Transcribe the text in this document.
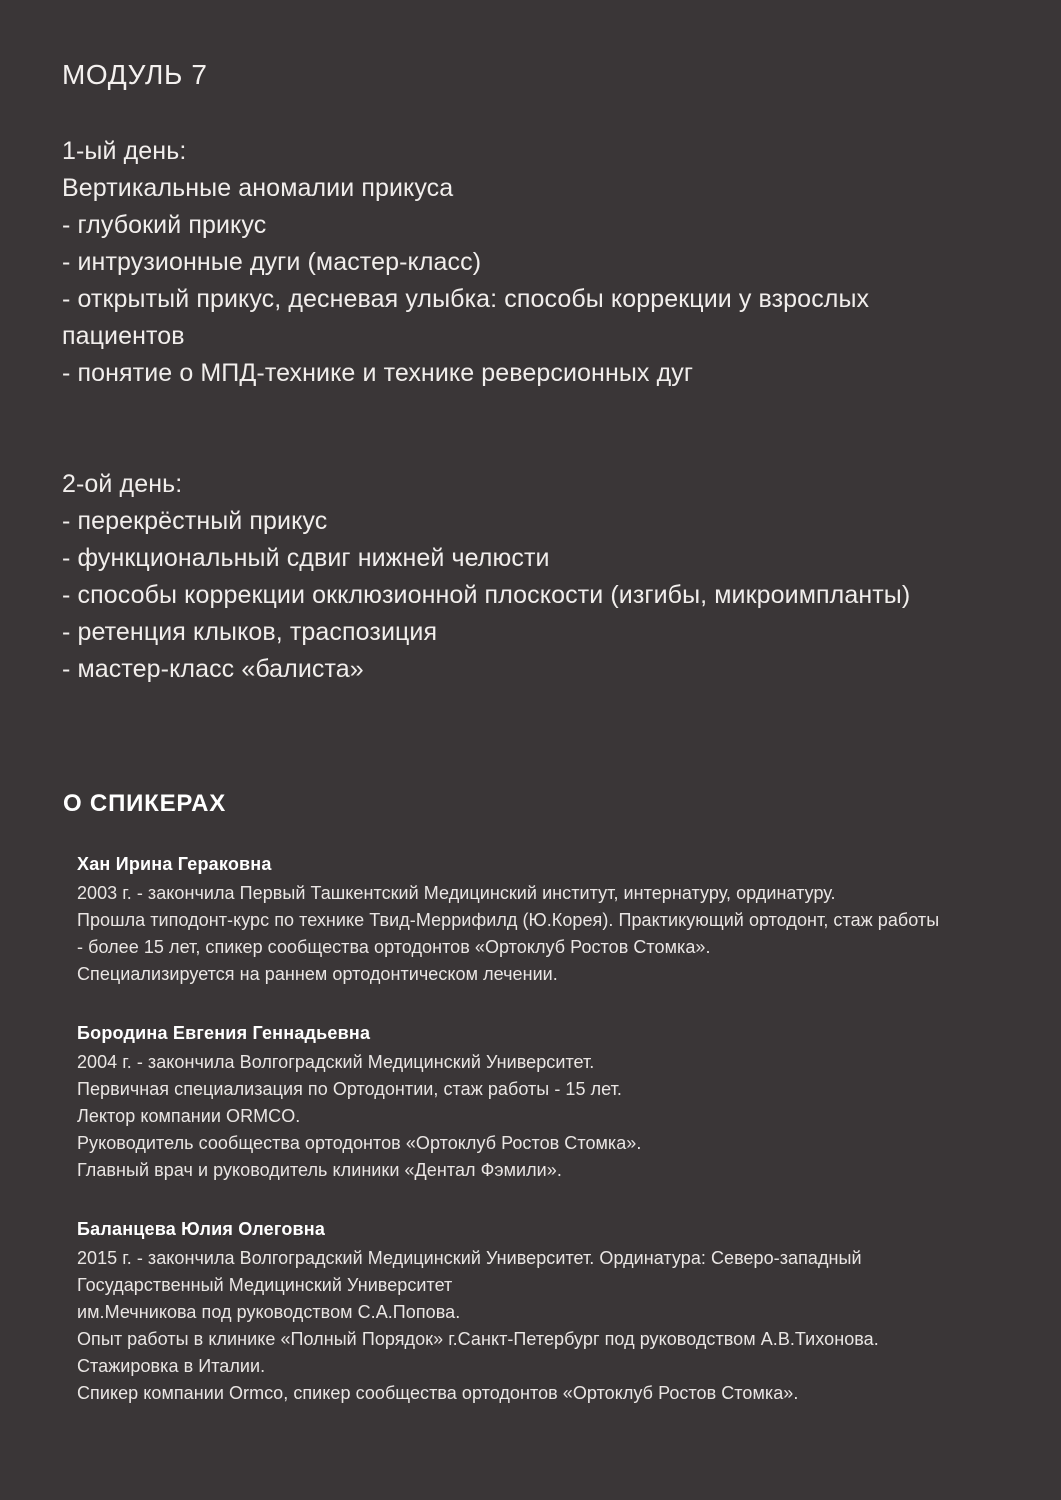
МОДУЛЬ 7

1-ый день:

Вертикальные аномалии прикуса

- глубокий прикус

- интрузионные дуги (мастер-класс)

- открытый прикус, десневая улыбка: способы коррекции у взрослых пациентов

- понятие о МПД-технике и технике реверсионных дуг

2-ой день:

- перекрёстный прикус

- функциональный сдвиг нижней челюсти

- способы коррекции окклюзионной плоскости (изгибы, микроимпланты)

- ретенция клыков, траспозиция

- мастер-класс «балиста»

О СПИКЕРАХ

Хан Ирина Гераковна

2003 г. - закончила Первый Ташкентский Медицинский институт, интернатуру, ординатуру.

Прошла типодонт-курс по технике Твид-Меррифилд (Ю.Корея). Практикующий ортодонт, стаж работы - более 15 лет, спикер сообщества ортодонтов «Ортоклуб Ростов Стомка».

Специализируется на раннем ортодонтическом лечении.

Бородина Евгения Геннадьевна

2004 г. - закончила Волгоградский Медицинский Университет.

Первичная специализация по Ортодонтии, стаж работы - 15 лет.

Лектор компании ORMCO.

Руководитель сообщества ортодонтов «Ортоклуб Ростов Стомка».

Главный врач и руководитель клиники «Дентал Фэмили».

Баланцева Юлия Олеговна

2015 г. - закончила Волгоградский Медицинский Университет. Ординатура: Северо-западный Государственный Медицинский Университет

им.Мечникова под руководством С.А.Попова.

Опыт работы в клинике «Полный Порядок» г.Санкт-Петербург под руководством А.В.Тихонова.

Стажировка в Италии.

Спикер компании Ormco, спикер сообщества ортодонтов «Ортоклуб Ростов Стомка».
